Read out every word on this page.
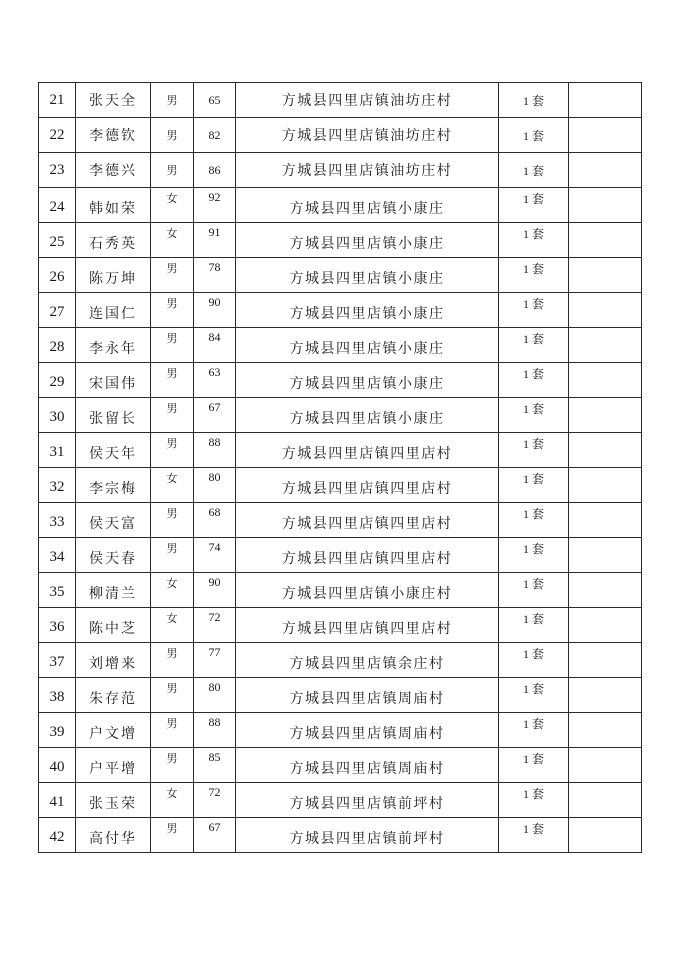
21	张天全	男	65	方城县四里店镇油坊庄村	1 套	
22	李德钦	男	82	方城县四里店镇油坊庄村	1 套	
23	李德兴	男	86	方城县四里店镇油坊庄村	1 套	
24	韩如荣	女	92	方城县四里店镇小康庄	1 套	
25	石秀英	女	91	方城县四里店镇小康庄	1 套	
26	陈万坤	男	78	方城县四里店镇小康庄	1 套	
27	连国仁	男	90	方城县四里店镇小康庄	1 套	
28	李永年	男	84	方城县四里店镇小康庄	1 套	
29	宋国伟	男	63	方城县四里店镇小康庄	1 套	
30	张留长	男	67	方城县四里店镇小康庄	1 套	
31	侯天年	男	88	方城县四里店镇四里店村	1 套	
32	李宗梅	女	80	方城县四里店镇四里店村	1 套	
33	侯天富	男	68	方城县四里店镇四里店村	1 套	
34	侯天春	男	74	方城县四里店镇四里店村	1 套	
35	柳清兰	女	90	方城县四里店镇小康庄村	1 套	
36	陈中芝	女	72	方城县四里店镇四里店村	1 套	
37	刘增来	男	77	方城县四里店镇余庄村	1 套	
38	朱存范	男	80	方城县四里店镇周庙村	1 套	
39	户文增	男	88	方城县四里店镇周庙村	1 套	
40	户平增	男	85	方城县四里店镇周庙村	1 套	
41	张玉荣	女	72	方城县四里店镇前坪村	1 套	
42	高付华	男	67	方城县四里店镇前坪村	1 套	
